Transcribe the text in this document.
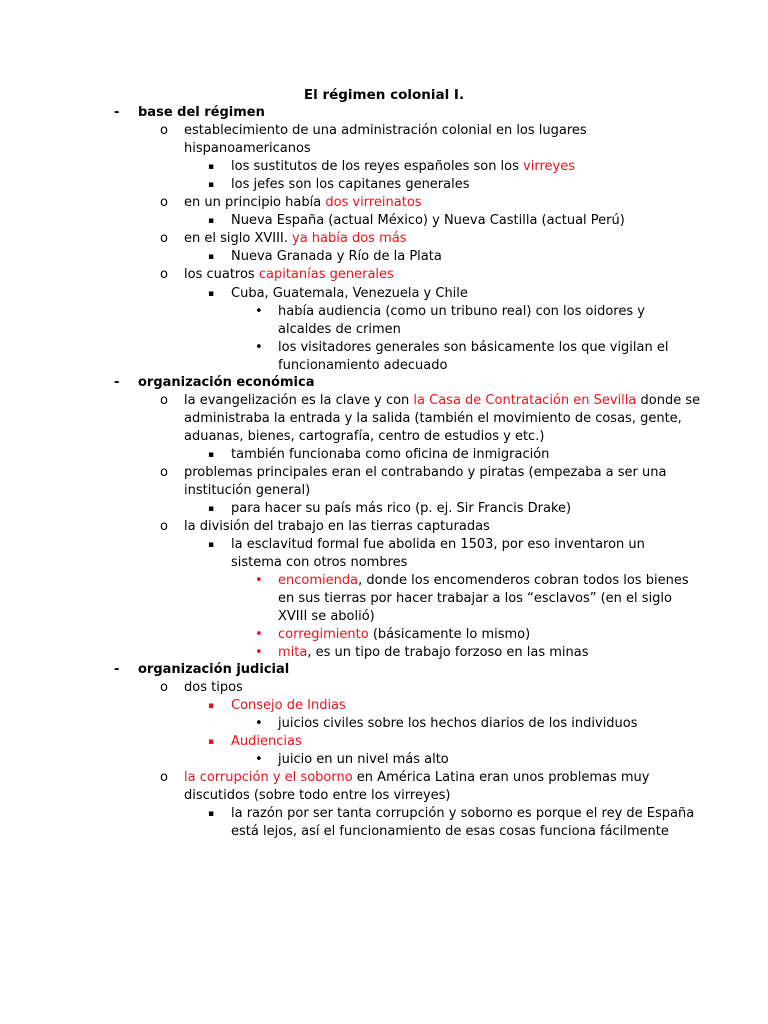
El régimen colonial I.
- base del régimen
o establecimiento de una administración colonial en los lugares
hispanoamericanos
▪ los sustitutos de los reyes españoles son los virreyes
▪ los jefes son los capitanes generales
o en un principio había dos virreinatos
▪ Nueva España (actual México) y Nueva Castilla (actual Perú)
o en el siglo XVIII. ya había dos más
▪ Nueva Granada y Río de la Plata
o los cuatros capitanías generales
▪ Cuba, Guatemala, Venezuela y Chile
• había audiencia (como un tribuno real) con los oidores y
alcaldes de crimen
• los visitadores generales son básicamente los que vigilan el
funcionamiento adecuado
- organización económica
o la evangelización es la clave y con la Casa de Contratación en Sevilla donde se
administraba la entrada y la salida (también el movimiento de cosas, gente,
aduanas, bienes, cartografía, centro de estudios y etc.)
▪ también funcionaba como oficina de inmigración
o problemas principales eran el contrabando y piratas (empezaba a ser una
institución general)
▪ para hacer su país más rico (p. ej. Sir Francis Drake)
o la división del trabajo en las tierras capturadas
▪ la esclavitud formal fue abolida en 1503, por eso inventaron un
sistema con otros nombres
• encomienda, donde los encomenderos cobran todos los bienes
en sus tierras por hacer trabajar a los “esclavos” (en el siglo
XVIII se abolió)
• corregimiento (básicamente lo mismo)
• mita, es un tipo de trabajo forzoso en las minas
- organización judicial
o dos tipos
▪ Consejo de Indias
• juicios civiles sobre los hechos diarios de los individuos
▪ Audiencias
• juicio en un nivel más alto
o la corrupción y el soborno en América Latina eran unos problemas muy
discutidos (sobre todo entre los virreyes)
▪ la razón por ser tanta corrupción y soborno es porque el rey de España
está lejos, así el funcionamiento de esas cosas funciona fácilmente
